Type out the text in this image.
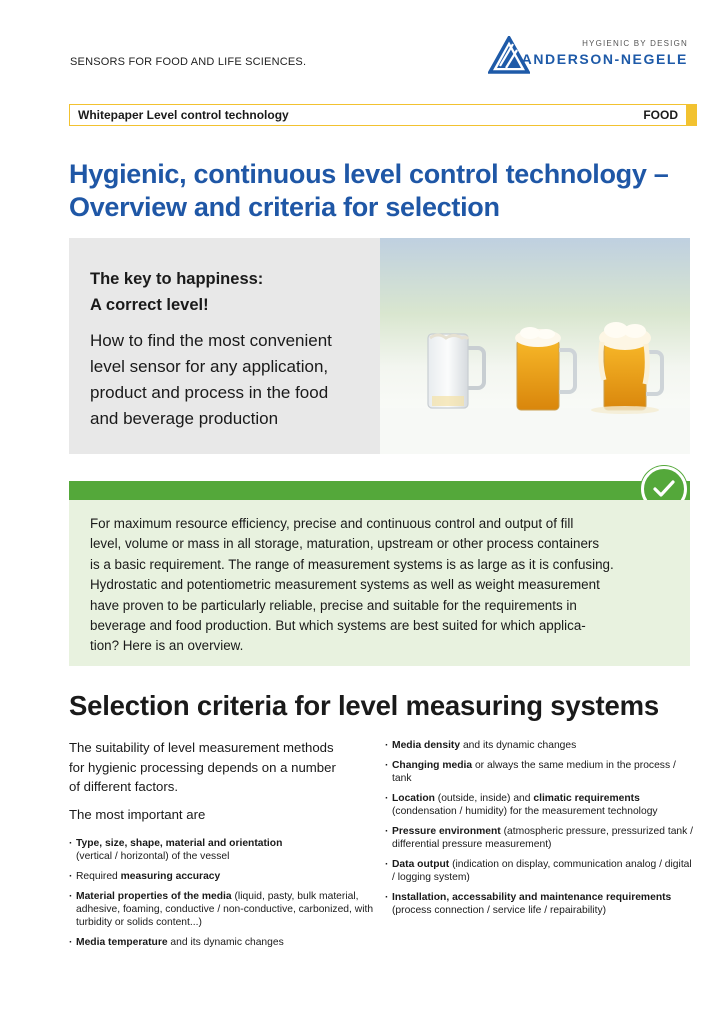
SENSORS FOR FOOD AND LIFE SCIENCES.
HYGIENIC BY DESIGN
ANDERSON-NEGELE
Whitepaper Level control technology	FOOD
Hygienic, continuous level control technology –
Overview and criteria for selection
The key to happiness:
A correct level!
How to find the most convenient
level sensor for any application,
product and process in the food
and beverage production
For maximum resource efficiency, precise and continuous control and output of fill
level, volume or mass in all storage, maturation, upstream or other process containers
is a basic requirement. The range of measurement systems is as large as it is confusing.
Hydrostatic and potentiometric measurement systems as well as weight measurement
have proven to be particularly reliable, precise and suitable for the requirements in
beverage and food production. But which systems are best suited for which applica-
tion? Here is an overview.
Selection criteria for level measuring systems
The suitability of level measurement methods
for hygienic processing depends on a number
of different factors.
The most important are
· Type, size, shape, material and orientation
(vertical / horizontal) of the vessel
· Required measuring accuracy
· Material properties of the media (liquid, pasty, bulk material, adhesive, foaming, conductive / non-conductive, carbonized, with turbidity or solids content...)
· Media temperature and its dynamic changes
· Media density and its dynamic changes
· Changing media or always the same medium in the process / tank
· Location (outside, inside) and climatic requirements (condensation / humidity) for the measurement technology
· Pressure environment (atmospheric pressure, pressurized tank / differential pressure measurement)
· Data output (indication on display, communication analog / digital / logging system)
· Installation, accessability and maintenance requirements (process connection / service life / repairability)
